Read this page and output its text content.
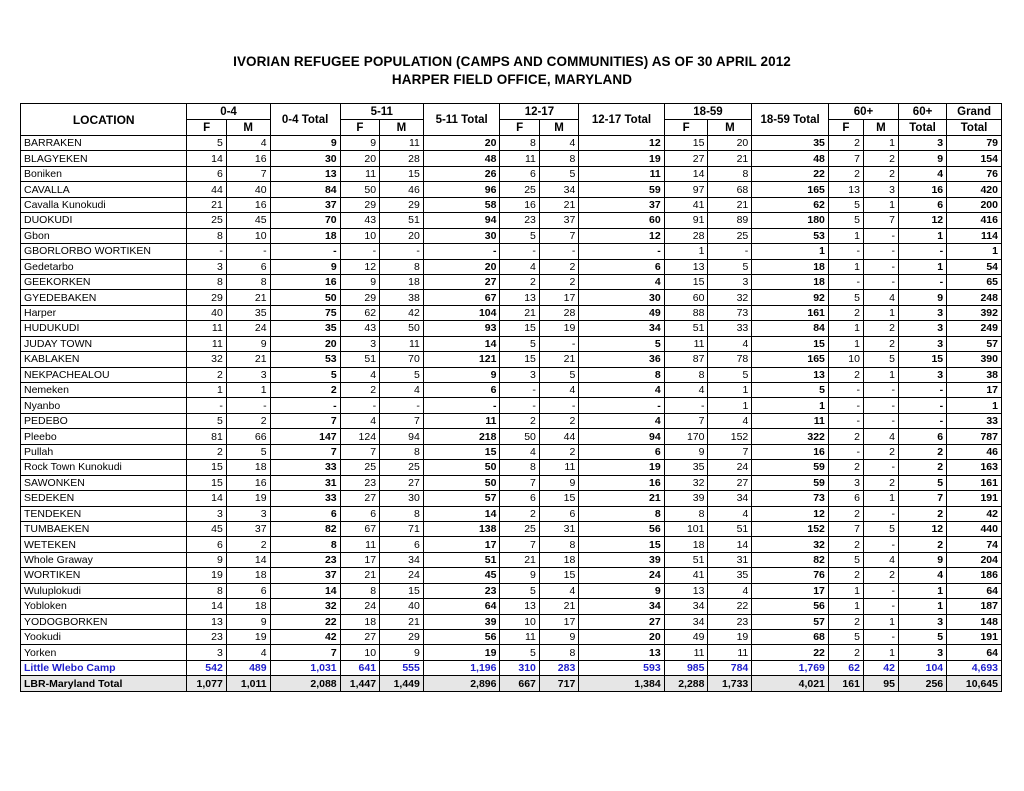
IVORIAN REFUGEE POPULATION (CAMPS AND COMMUNITIES) AS OF 30 APRIL 2012
HARPER FIELD OFFICE, MARYLAND
LOCATION	0-4		0-4 Total	5-11		5-11 Total	12-17		12-17 Total	18-59		18-59 Total	60+		60+	Grand
	F	M		F	M		F	M		F	M		F	M	Total	Total
BARRAKEN	5	4	9	9	11	20	8	4	12	15	20	35	2	1	3	79
BLAGYEKEN	14	16	30	20	28	48	11	8	19	27	21	48	7	2	9	154
Boniken	6	7	13	11	15	26	6	5	11	14	8	22	2	2	4	76
CAVALLA	44	40	84	50	46	96	25	34	59	97	68	165	13	3	16	420
Cavalla Kunokudi	21	16	37	29	29	58	16	21	37	41	21	62	5	1	6	200
DUOKUDI	25	45	70	43	51	94	23	37	60	91	89	180	5	7	12	416
Gbon	8	10	18	10	20	30	5	7	12	28	25	53	1	-	1	114
GBORLORBO WORTIKEN	-	-	-	-	-	-	-	-	-	1	-	1	-	-	-	1
Gedetarbo	3	6	9	12	8	20	4	2	6	13	5	18	1	-	1	54
GEEKORKEN	8	8	16	9	18	27	2	2	4	15	3	18	-	-	-	65
GYEDEBAKEN	29	21	50	29	38	67	13	17	30	60	32	92	5	4	9	248
Harper	40	35	75	62	42	104	21	28	49	88	73	161	2	1	3	392
HUDUKUDI	11	24	35	43	50	93	15	19	34	51	33	84	1	2	3	249
JUDAY TOWN	11	9	20	3	11	14	5	-	5	11	4	15	1	2	3	57
KABLAKEN	32	21	53	51	70	121	15	21	36	87	78	165	10	5	15	390
NEKPACHEALOU	2	3	5	4	5	9	3	5	8	8	5	13	2	1	3	38
Nemeken	1	1	2	2	4	6	-	4	4	4	1	5	-	-	-	17
Nyanbo	-	-	-	-	-	-	-	-	-	-	1	1	-	-	-	1
PEDEBO	5	2	7	4	7	11	2	2	4	7	4	11	-	-	-	33
Pleebo	81	66	147	124	94	218	50	44	94	170	152	322	2	4	6	787
Pullah	2	5	7	7	8	15	4	2	6	9	7	16	-	2	2	46
Rock Town Kunokudi	15	18	33	25	25	50	8	11	19	35	24	59	2	-	2	163
SAWONKEN	15	16	31	23	27	50	7	9	16	32	27	59	3	2	5	161
SEDEKEN	14	19	33	27	30	57	6	15	21	39	34	73	6	1	7	191
TENDEKEN	3	3	6	6	8	14	2	6	8	8	4	12	2	-	2	42
TUMBAEKEN	45	37	82	67	71	138	25	31	56	101	51	152	7	5	12	440
WETEKEN	6	2	8	11	6	17	7	8	15	18	14	32	2	-	2	74
Whole Graway	9	14	23	17	34	51	21	18	39	51	31	82	5	4	9	204
WORTIKEN	19	18	37	21	24	45	9	15	24	41	35	76	2	2	4	186
Wuluplokudi	8	6	14	8	15	23	5	4	9	13	4	17	1	-	1	64
Yobloken	14	18	32	24	40	64	13	21	34	34	22	56	1	-	1	187
YODOGBORKEN	13	9	22	18	21	39	10	17	27	34	23	57	2	1	3	148
Yookudi	23	19	42	27	29	56	11	9	20	49	19	68	5	-	5	191
Yorken	3	4	7	10	9	19	5	8	13	11	11	22	2	1	3	64
Little Wlebo Camp	542	489	1,031	641	555	1,196	310	283	593	985	784	1,769	62	42	104	4,693
LBR-Maryland Total	1,077	1,011	2,088	1,447	1,449	2,896	667	717	1,384	2,288	1,733	4,021	161	95	256	10,645
